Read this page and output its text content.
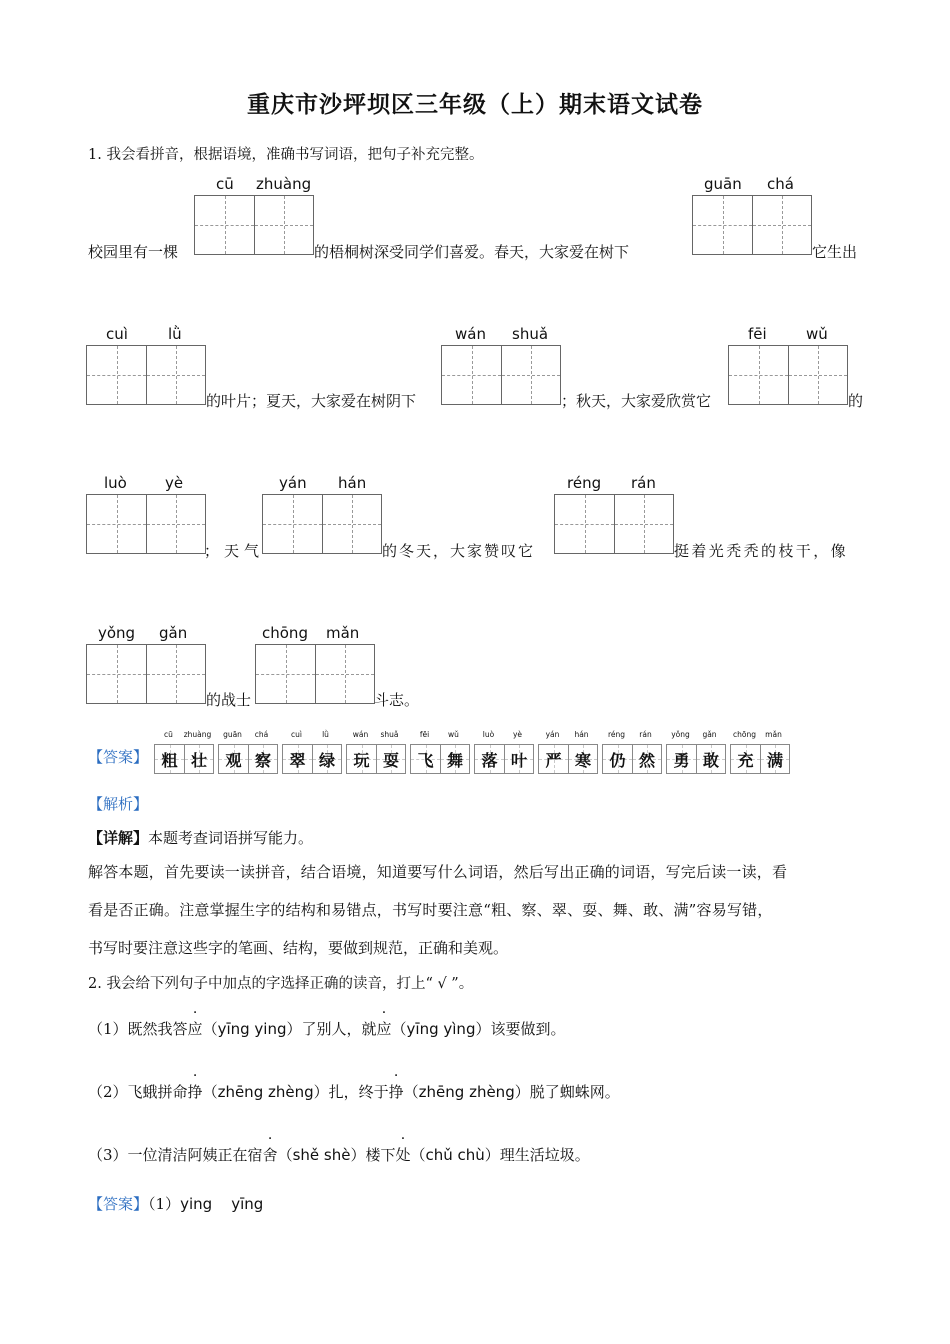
重庆市沙坪坝区三年级（上）期末语文试卷
1. 我会看拼音，根据语境，准确书写词语，把句子补充完整。
cū zhuàng	guān chá
校园里有一棵	的梧桐树深受同学们喜爱。春天，大家爱在树下	它生出
cuì	lǜ	wán shuǎ	fēi	wǔ
的叶片；夏天，大家爱在树阴下	；秋天，大家爱欣赏它	的
luò	yè	yán hán	réng rán
；天气	的冬天，大家赞叹它	挺着光秃秃的枝干，像
yǒng gǎn	chōng mǎn
的战士	斗志。
【答案】
cū	zhuàng
粗 壮
guān	chá
观 察
cuì	lǜ
翠 绿
wán	shuǎ
玩 耍
fēi	wǔ
飞 舞
luò	yè
落 叶
yán	hán
严 寒
réng	rán
仍 然
yǒng	gǎn
勇 敢
chōng	mǎn
充 满
【解析】
【详解】本题考查词语拼写能力。
解答本题，首先要读一读拼音，结合语境，知道要写什么词语，然后写出正确的词语，写完后读一读，看
看是否正确。注意掌握生字的结构和易错点，书写时要注意“粗、察、翠、耍、舞、敢、满”容易写错，
书写时要注意这些字的笔画、结构，要做到规范，正确和美观。
2. 我会给下列句子中加点的字选择正确的读音，打上“ √ ”。
（1）既然我答应（yīng ying）了别人，就应（yīng yìng）该要做到。
（2）飞蛾拼命挣（zhēng zhèng）扎，终于挣（zhēng zhèng）脱了蜘蛛网。
（3）一位清洁阿姨正在宿舍（shě shè）楼下处（chǔ chù）理生活垃圾。
【答案】（1）ying    yīng
